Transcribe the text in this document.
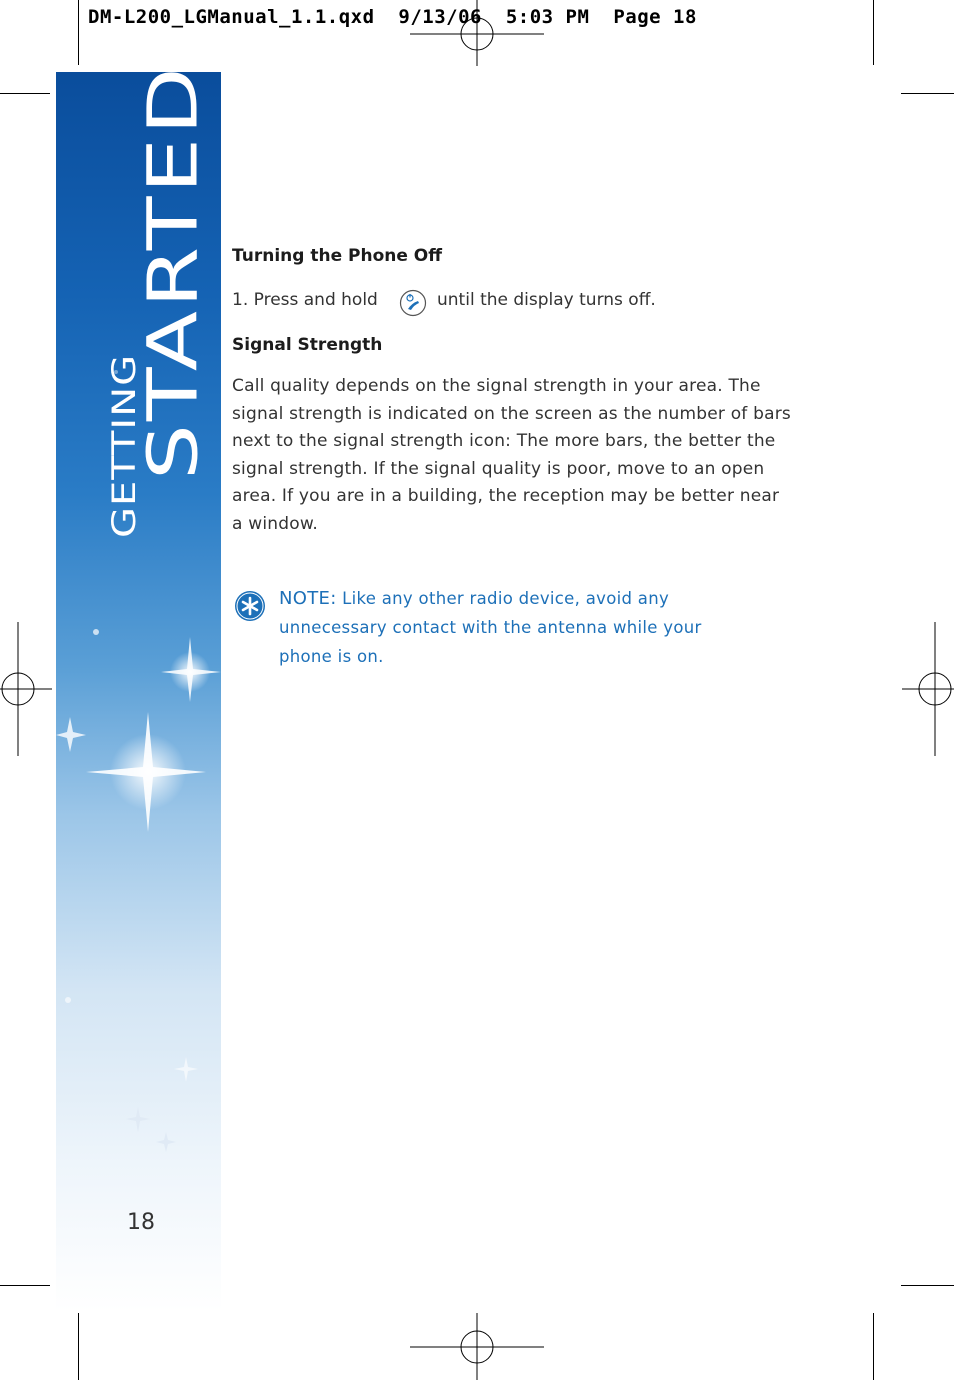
DM-L200_LGManual_1.1.qxd  9/13/06  5:03 PM  Page 18
STARTED
GETTING
Turning the Phone Off
1. Press and hold	until the display turns off.
Signal Strength
Call quality depends on the signal strength in your area. The signal strength is indicated on the screen as the number of bars next to the signal strength icon: The more bars, the better the signal strength. If the signal quality is poor, move to an open area. If you are in a building, the reception may be better near a window.
NOTE: Like any other radio device, avoid any unnecessary contact with the antenna while your phone is on.
18
